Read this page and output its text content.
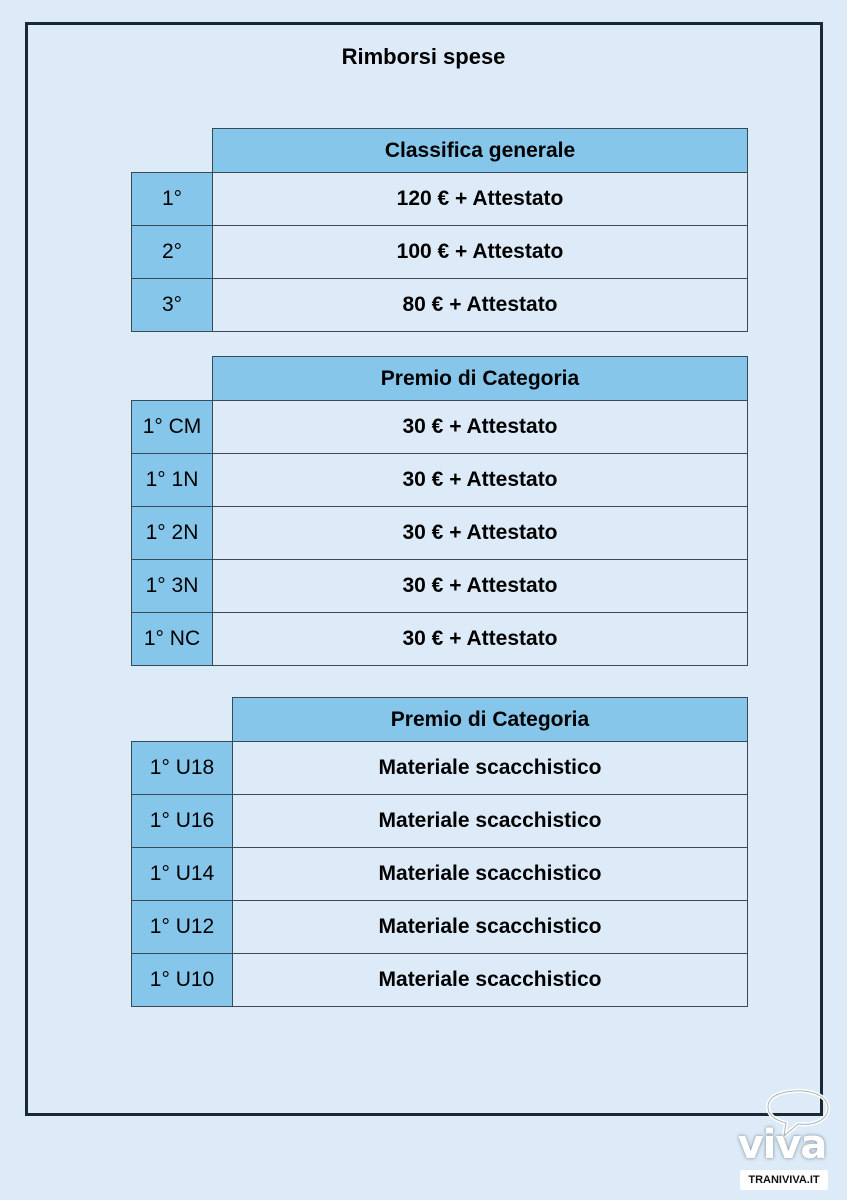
Rimborsi spese
	Classifica generale
1°	120 € + Attestato
2°	100 € + Attestato
3°	80 € + Attestato
	Premio di Categoria
1° CM	30 € + Attestato
1° 1N	30 € + Attestato
1° 2N	30 € + Attestato
1° 3N	30 € + Attestato
1° NC	30 € + Attestato
	Premio di Categoria
1° U18	Materiale scacchistico
1° U16	Materiale scacchistico
1° U14	Materiale scacchistico
1° U12	Materiale scacchistico
1° U10	Materiale scacchistico
viva
TRANIVIVA.IT
